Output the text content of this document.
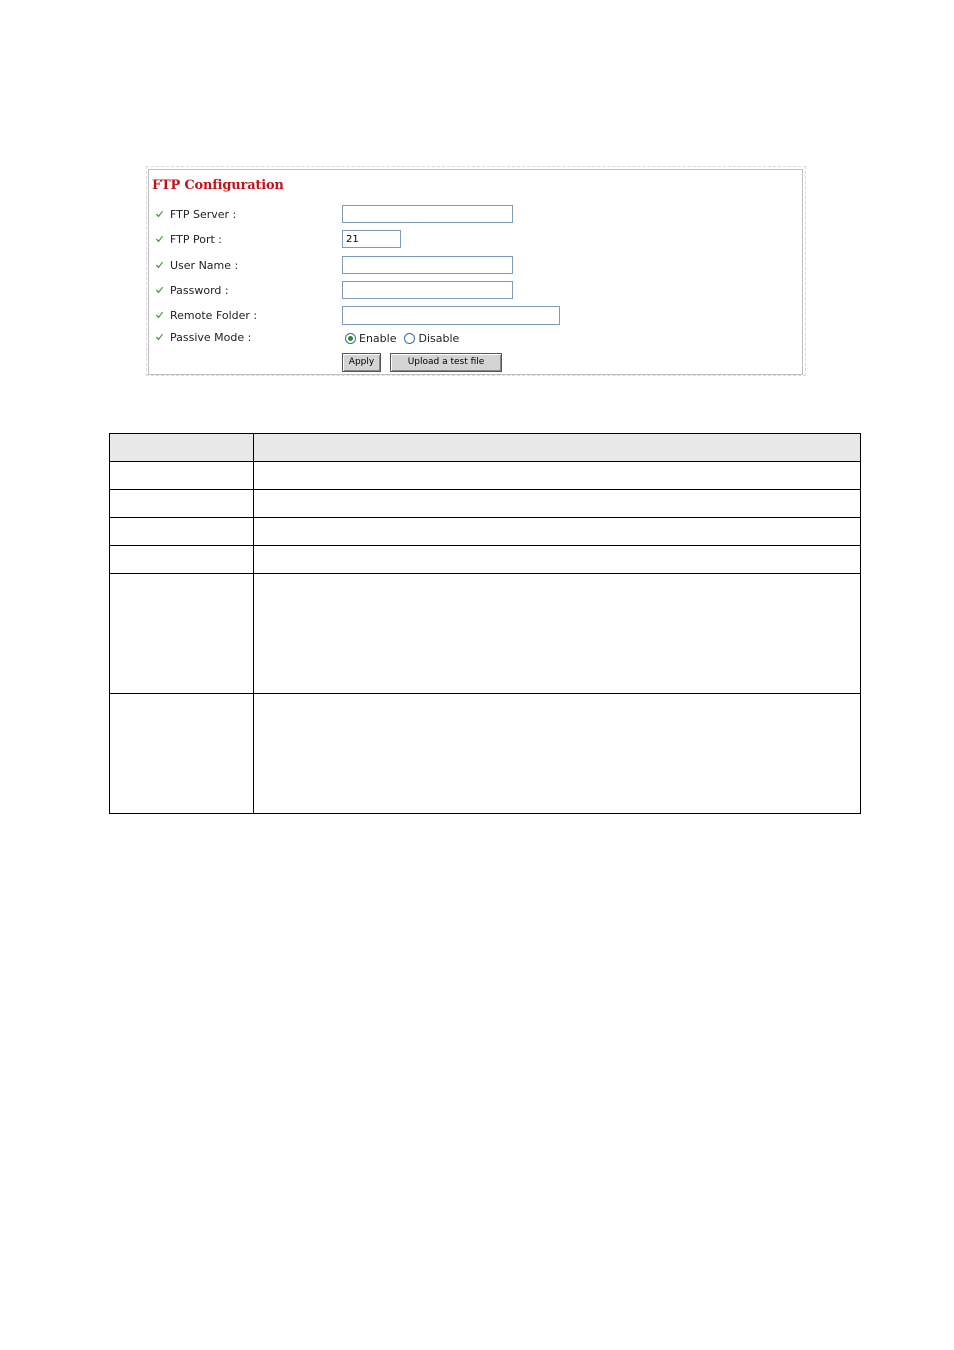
FTP Configuration
FTP Server :
FTP Port :
21
User Name :
Password :
Remote Folder :
Passive Mode :	Enable Disable
Apply	Upload a test file
